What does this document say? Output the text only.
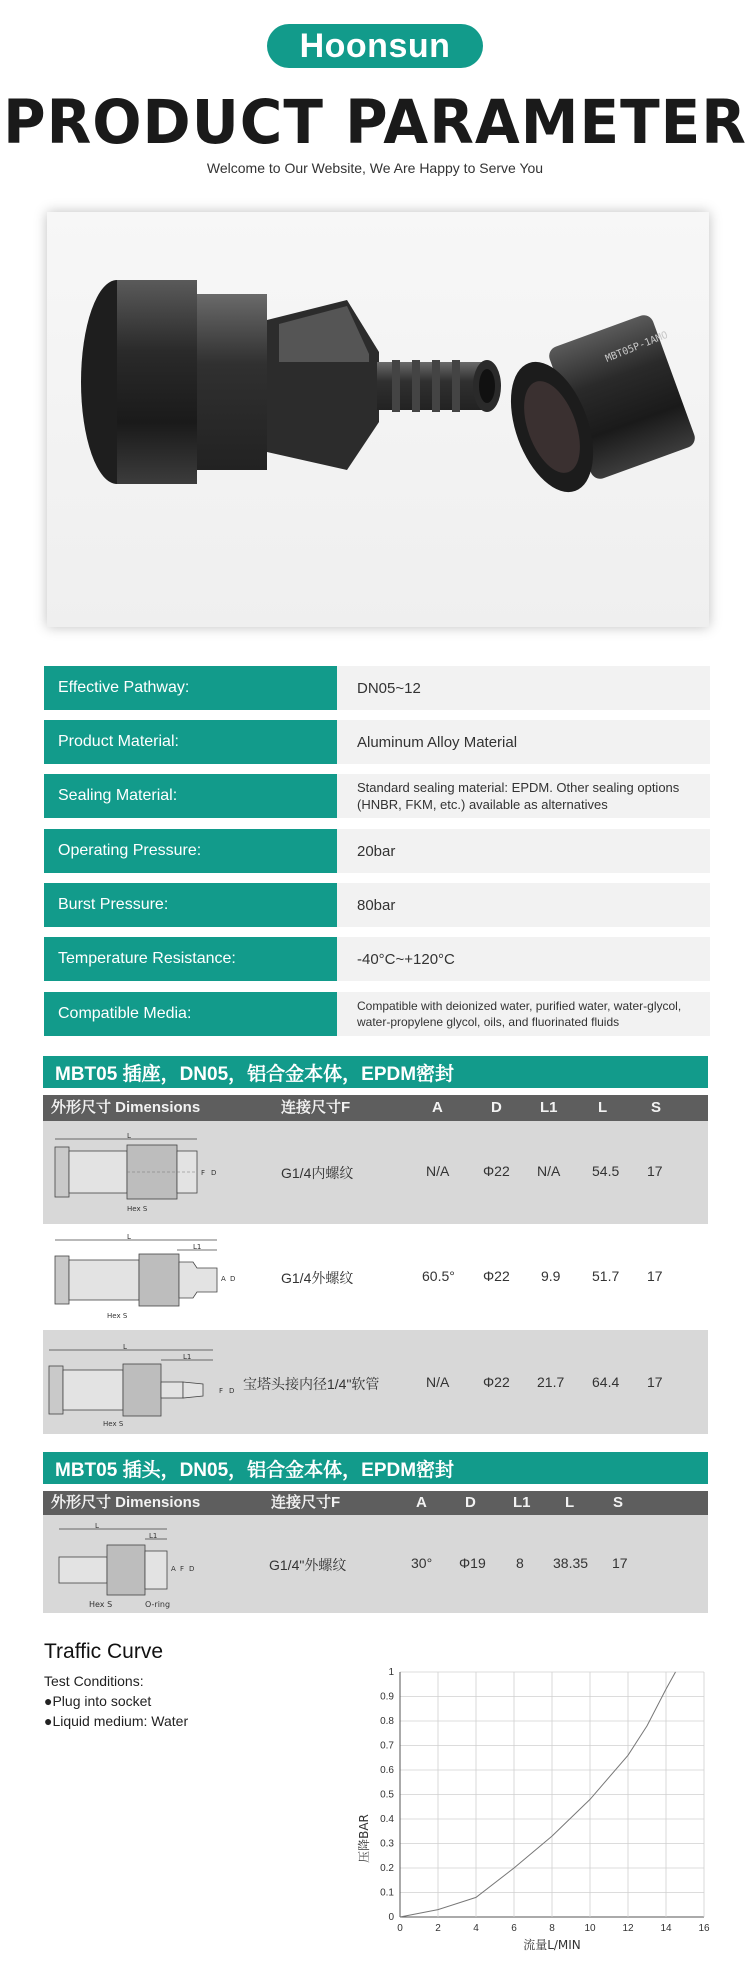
Hoonsun
PRODUCT PARAMETER
Welcome to Our Website, We Are Happy to Serve You
MBT05P-1AMO
Effective Pathway:	DN05~12
Product Material:	Aluminum Alloy Material
Sealing Material:	Standard sealing material: EPDM. Other sealing options (HNBR, FKM, etc.) available as alternatives
Operating Pressure:	20bar
Burst Pressure:	80bar
Temperature Resistance:	-40°C~+120°C
Compatible Media:	Compatible with deionized water, purified water, water-glycol, water-propylene glycol, oils, and fluorinated fluids
MBT05 插座，DN05，铝合金本体，EPDM密封
外形尺寸 Dimensions	连接尺寸F	A	D	L1	L	S
L
F D
Hex S
G1/4内螺纹	N/A Φ22 N/A 54.5 17
L
L1
A D
Hex S
G1/4外螺纹	60.5° Φ22 9.9 51.7 17
L
L1
F D
Hex S
宝塔头接内径1/4"软管	N/A Φ22 21.7 64.4 17
MBT05 插头，DN05，铝合金本体，EPDM密封
外形尺寸 Dimensions	连接尺寸F	A	D L1 L	S
L
L1
A F D
Hex S	O-ring
G1/4"外螺纹	30° Φ19 8 38.35 17
Traffic Curve
Test Conditions:
●Plug into socket
●Liquid medium: Water
0
0.1
0.2
0.3
0.4
0.5
0.6
0.7
0.8
0.9
1
0	2	4	6	8	10	12	14	16
流量L/MIN
压降BAR
